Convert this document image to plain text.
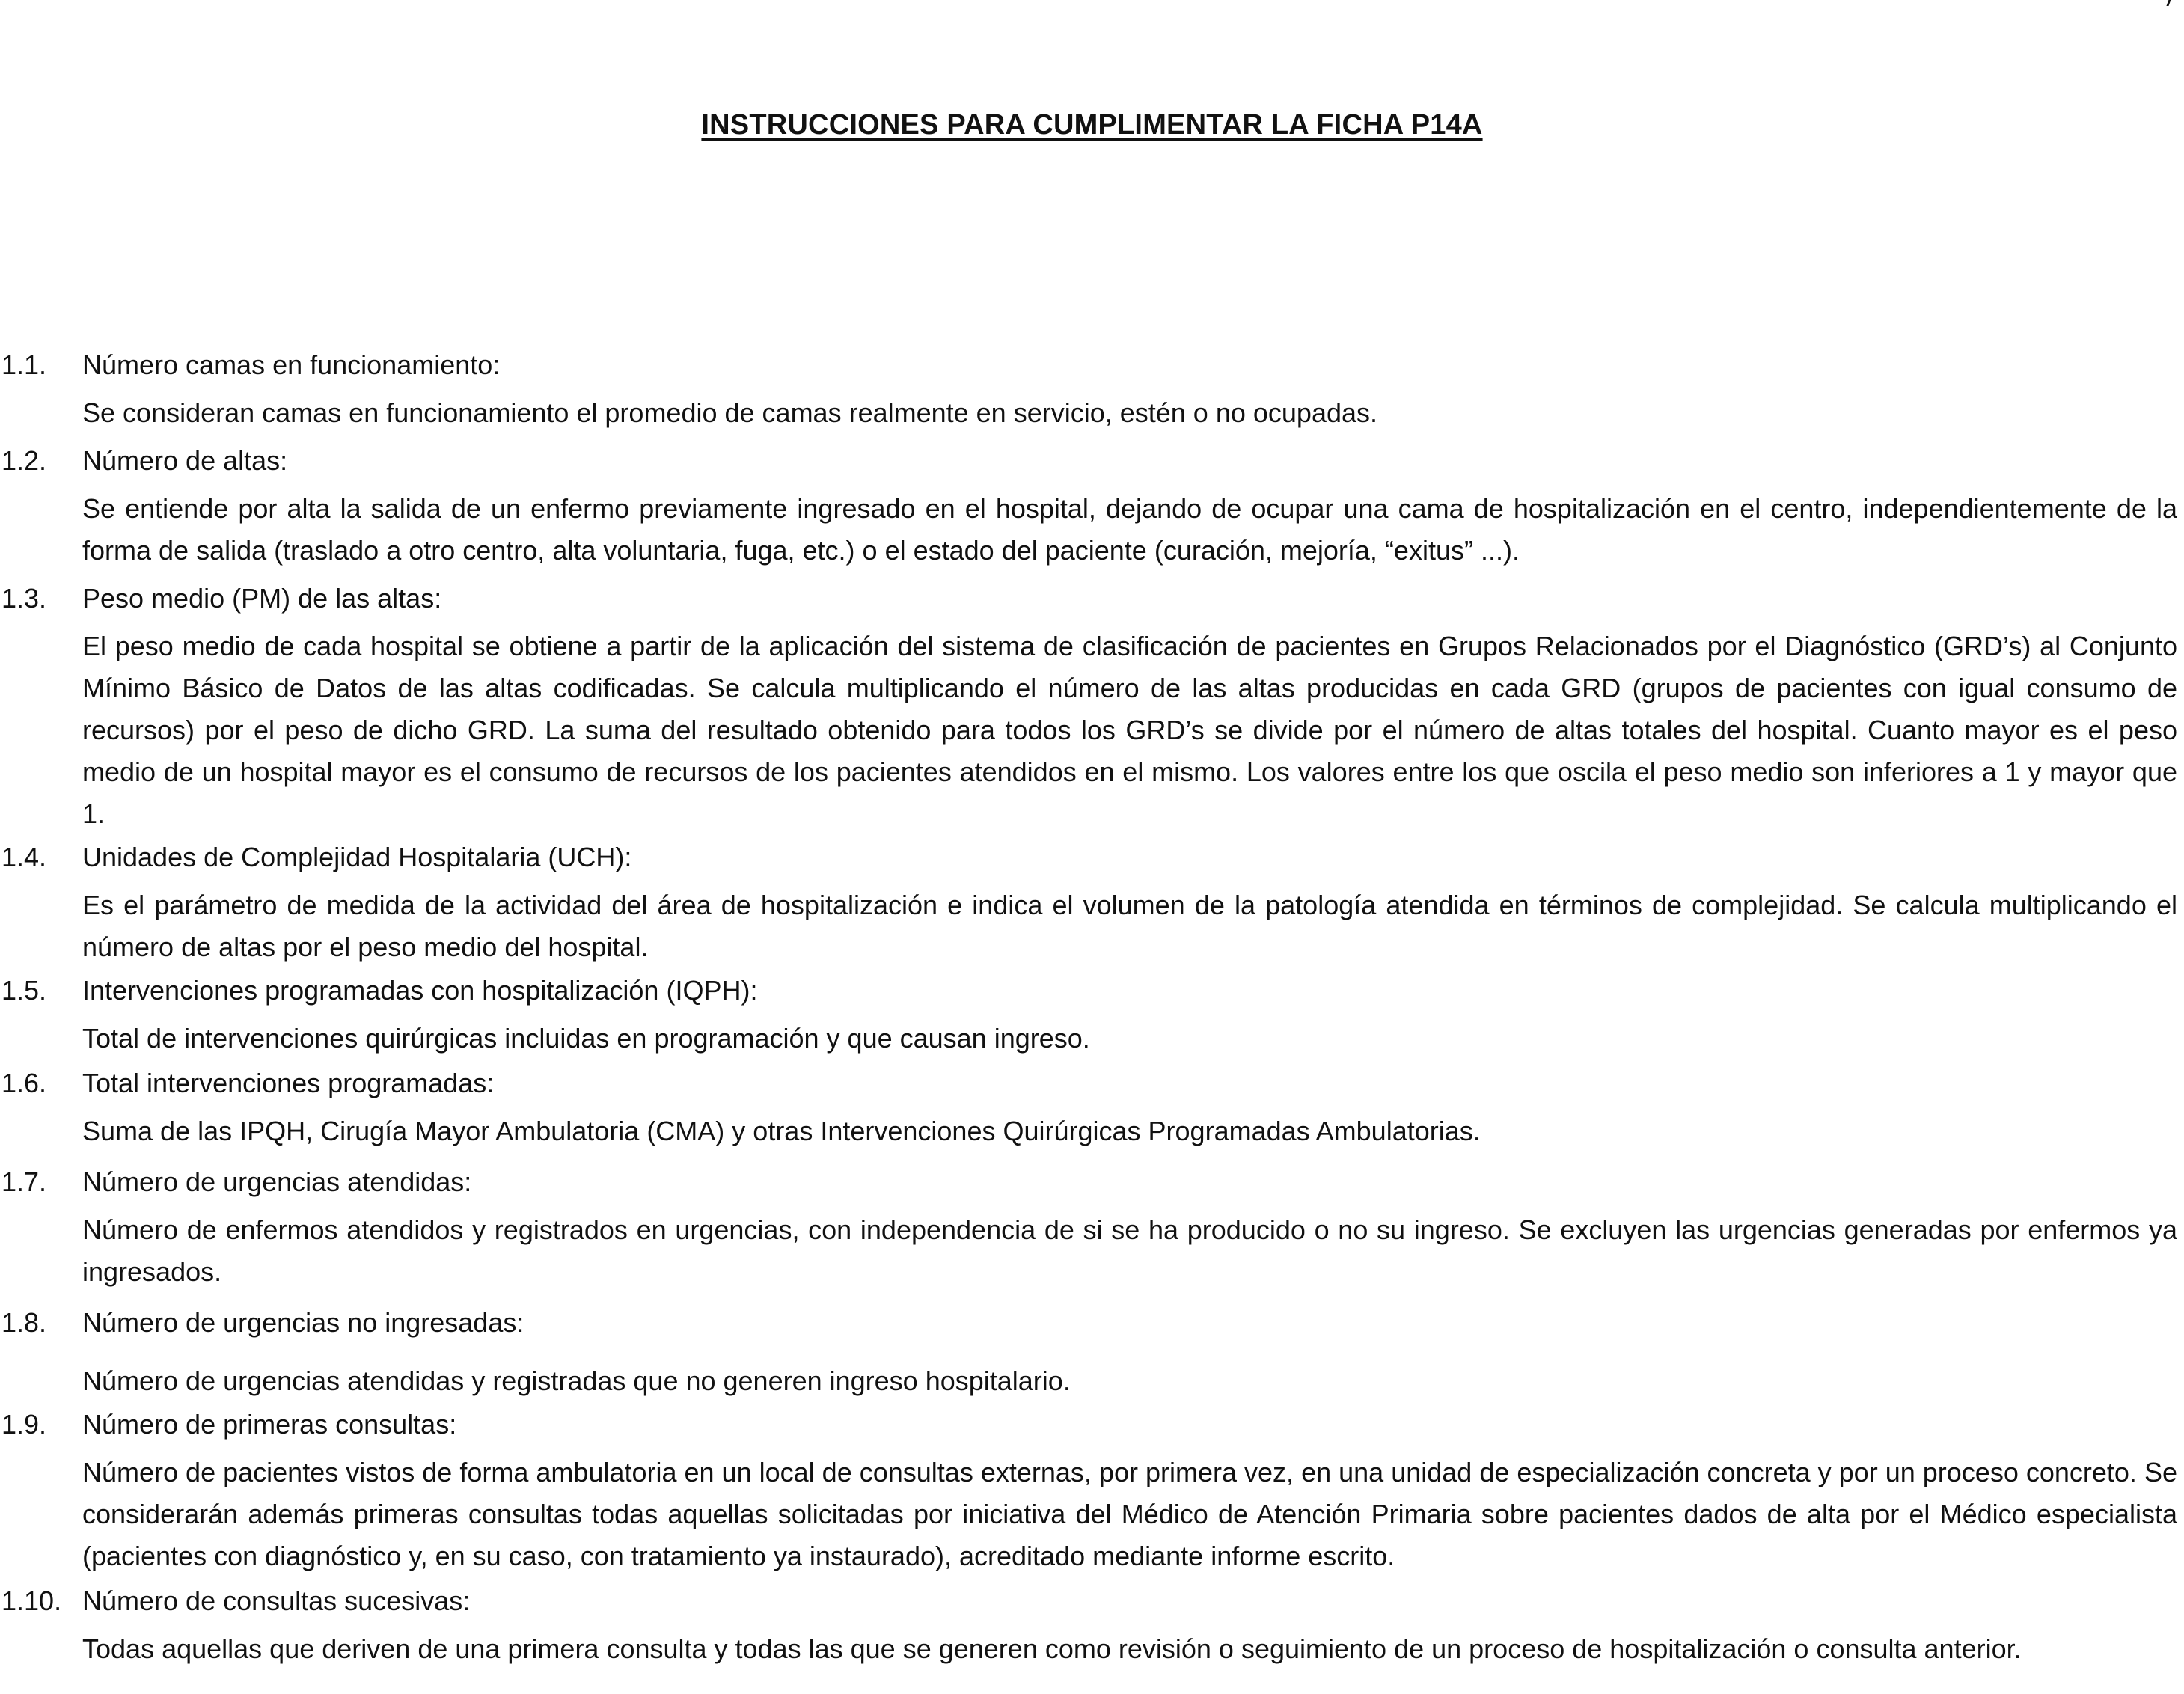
INSTRUCCIONES PARA CUMPLIMENTAR LA FICHA P14A
1.1.	Número camas en funcionamiento:
Se consideran camas en funcionamiento el promedio de camas realmente en servicio, estén o no ocupadas.
1.2.	Número de altas:
Se entiende por alta la salida de un enfermo previamente ingresado en el hospital, dejando de ocupar una cama de hospitalización en el centro, independientemente de la forma de salida (traslado a otro centro, alta voluntaria, fuga, etc.) o el estado del paciente (curación, mejoría, “exitus” ...).
1.3.	Peso medio (PM) de las altas:
El peso medio de cada hospital se obtiene a partir de la aplicación del sistema de clasificación de pacientes en Grupos Relacionados por el Diagnóstico (GRD’s) al Conjunto Mínimo Básico de Datos de las altas codificadas. Se calcula multiplicando el número de las altas producidas en cada GRD (grupos de pacientes con igual consumo de recursos) por el peso de dicho GRD. La suma del resultado obtenido para todos los GRD’s se divide por el número de altas totales del hospital. Cuanto mayor es el peso medio de un hospital mayor es el consumo de recursos de los pacientes atendidos en el mismo. Los valores entre los que oscila el peso medio son inferiores a 1 y mayor que 1.
1.4.	Unidades de Complejidad Hospitalaria (UCH):
Es el parámetro de medida de la actividad del área de hospitalización e indica el volumen de la patología atendida en términos de complejidad. Se calcula multiplicando el número de altas por el peso medio del hospital.
1.5.	Intervenciones programadas con hospitalización (IQPH):
Total de intervenciones quirúrgicas incluidas en programación y que causan ingreso.
1.6.	Total intervenciones programadas:
Suma de las IPQH, Cirugía Mayor Ambulatoria (CMA) y otras Intervenciones Quirúrgicas Programadas Ambulatorias.
1.7.	Número de urgencias atendidas:
Número de enfermos atendidos y registrados en urgencias, con independencia de si se ha producido o no su ingreso. Se excluyen las urgencias generadas por enfermos ya ingresados.
1.8.	Número de urgencias no ingresadas:
Número de urgencias atendidas y registradas que no generen ingreso hospitalario.
1.9.	Número de primeras consultas:
Número de pacientes vistos de forma ambulatoria en un local de consultas externas, por primera vez, en una unidad de especialización concreta y por un proceso concreto. Se considerarán además primeras consultas todas aquellas solicitadas por iniciativa del Médico de Atención Primaria sobre pacientes dados de alta por el Médico especialista (pacientes con diagnóstico y, en su caso, con tratamiento ya instaurado), acreditado mediante informe escrito.
1.10. Número de consultas sucesivas:
Todas aquellas que deriven de una primera consulta y todas las que se generen como revisión o seguimiento de un proceso de hospitalización o consulta anterior.
